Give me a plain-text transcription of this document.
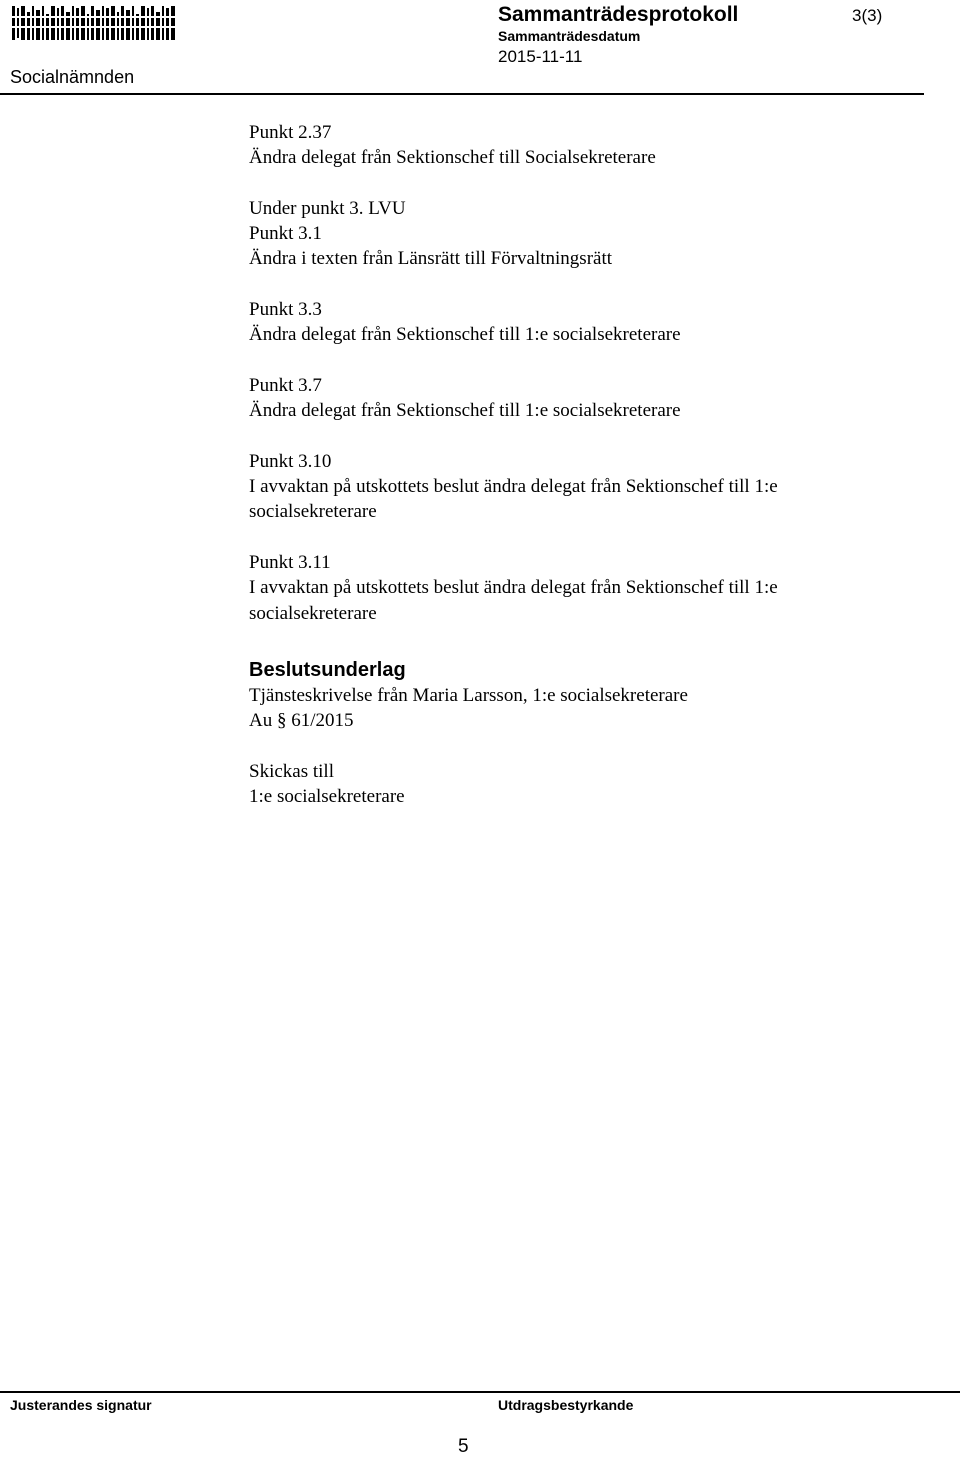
Socialnämnden
Sammanträdesprotokoll
Sammanträdesdatum
2015-11-11
3(3)
Punkt 2.37
Ändra delegat från Sektionschef till Socialsekreterare
Under punkt 3. LVU
Punkt 3.1
Ändra i texten från Länsrätt till Förvaltningsrätt
Punkt 3.3
Ändra delegat från Sektionschef till 1:e socialsekreterare
Punkt 3.7
Ändra delegat från Sektionschef till 1:e socialsekreterare
Punkt 3.10
I avvaktan på utskottets beslut ändra delegat från Sektionschef till 1:e
socialsekreterare
Punkt 3.11
I avvaktan på utskottets beslut ändra delegat från Sektionschef till 1:e
socialsekreterare
Beslutsunderlag
Tjänsteskrivelse från Maria Larsson, 1:e socialsekreterare
Au § 61/2015
Skickas till
1:e socialsekreterare
Justerandes signatur	Utdragsbestyrkande
5
